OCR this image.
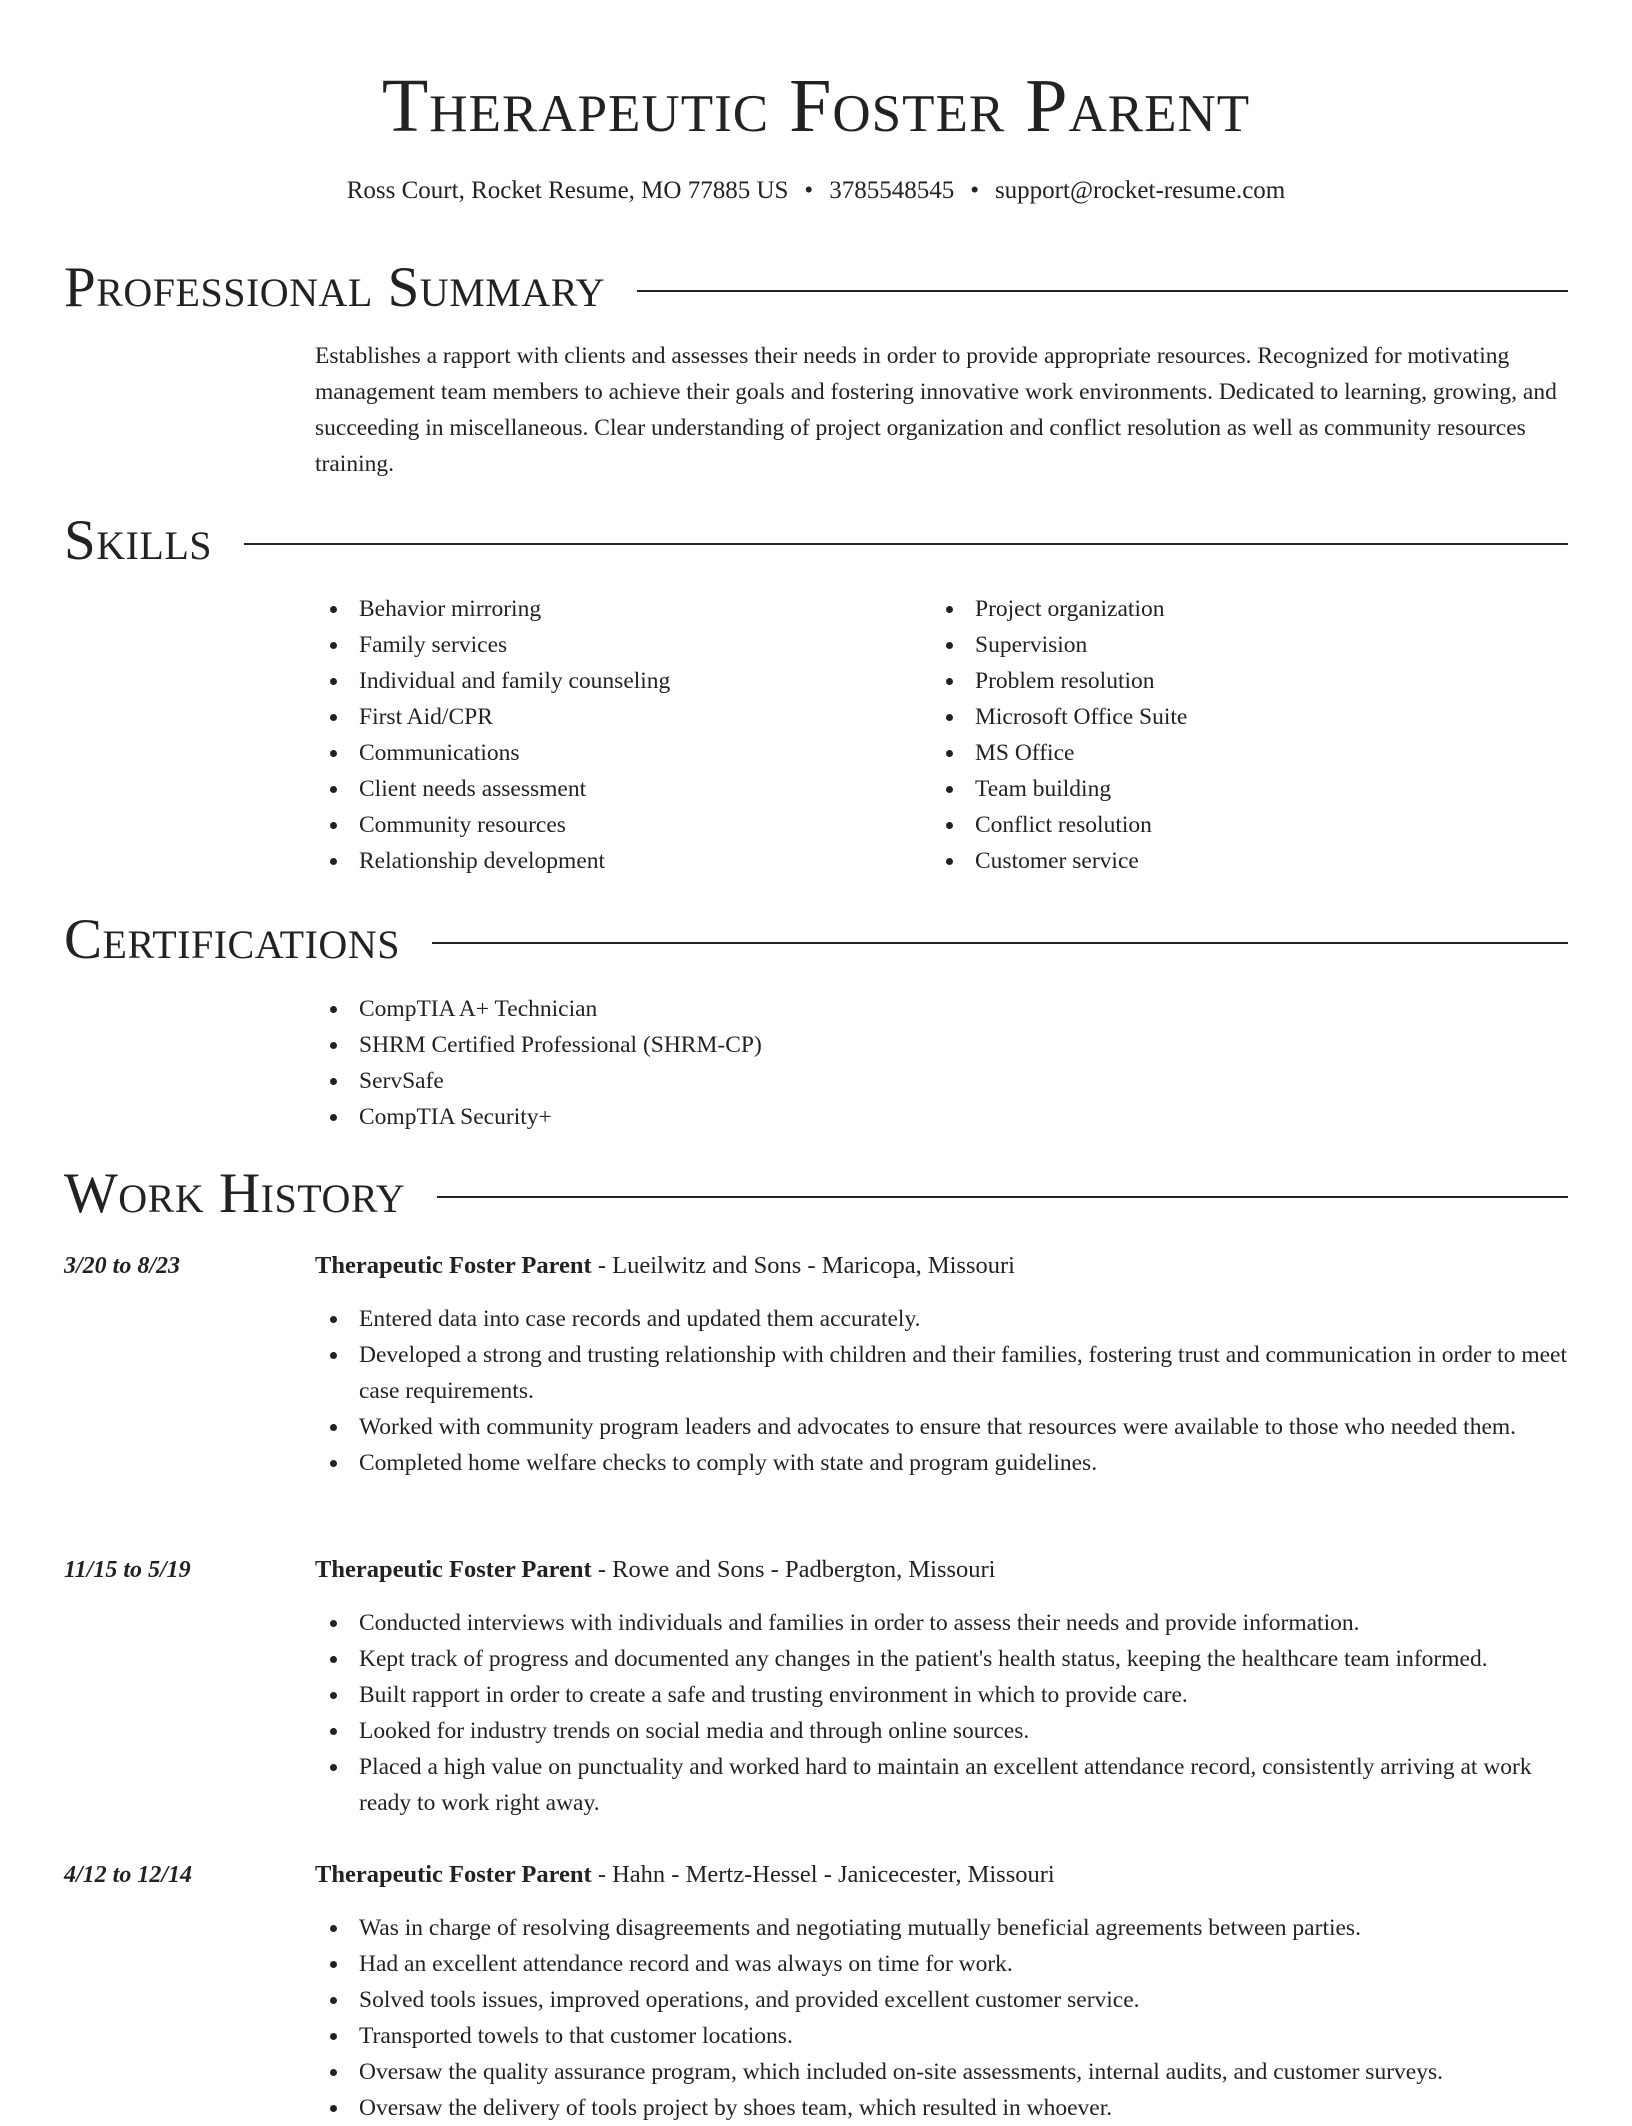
Therapeutic Foster Parent
Ross Court, Rocket Resume, MO 77885 US • 3785548545 • support@rocket-resume.com
Professional Summary

Establishes a rapport with clients and assesses their needs in order to provide appropriate resources. Recognized for motivating management team members to achieve their goals and fostering innovative work environments. Dedicated to learning, growing, and succeeding in miscellaneous. Clear understanding of project organization and conflict resolution as well as community resources training.

Skills
Behavior mirroring
Family services
Individual and family counseling
First Aid/CPR
Communications
Client needs assessment
Community resources
Relationship development
Project organization
Supervision
Problem resolution
Microsoft Office Suite
MS Office
Team building
Conflict resolution
Customer service
Certifications
CompTIA A+ Technician
SHRM Certified Professional (SHRM-CP)
ServSafe
CompTIA Security+
Work History
3/20 to 8/23	Therapeutic Foster Parent - Lueilwitz and Sons - Maricopa, Missouri
Entered data into case records and updated them accurately.
Developed a strong and trusting relationship with children and their families, fostering trust and communication in order to meet case requirements.
Worked with community program leaders and advocates to ensure that resources were available to those who needed them.
Completed home welfare checks to comply with state and program guidelines.
11/15 to 5/19	Therapeutic Foster Parent - Rowe and Sons - Padbergton, Missouri
Conducted interviews with individuals and families in order to assess their needs and provide information.
Kept track of progress and documented any changes in the patient's health status, keeping the healthcare team informed.
Built rapport in order to create a safe and trusting environment in which to provide care.
Looked for industry trends on social media and through online sources.
Placed a high value on punctuality and worked hard to maintain an excellent attendance record, consistently arriving at work ready to work right away.
4/12 to 12/14	Therapeutic Foster Parent - Hahn - Mertz-Hessel - Janicecester, Missouri
Was in charge of resolving disagreements and negotiating mutually beneficial agreements between parties.
Had an excellent attendance record and was always on time for work.
Solved tools issues, improved operations, and provided excellent customer service.
Transported towels to that customer locations.
Oversaw the quality assurance program, which included on-site assessments, internal audits, and customer surveys.
Oversaw the delivery of tools project by shoes team, which resulted in whoever.
